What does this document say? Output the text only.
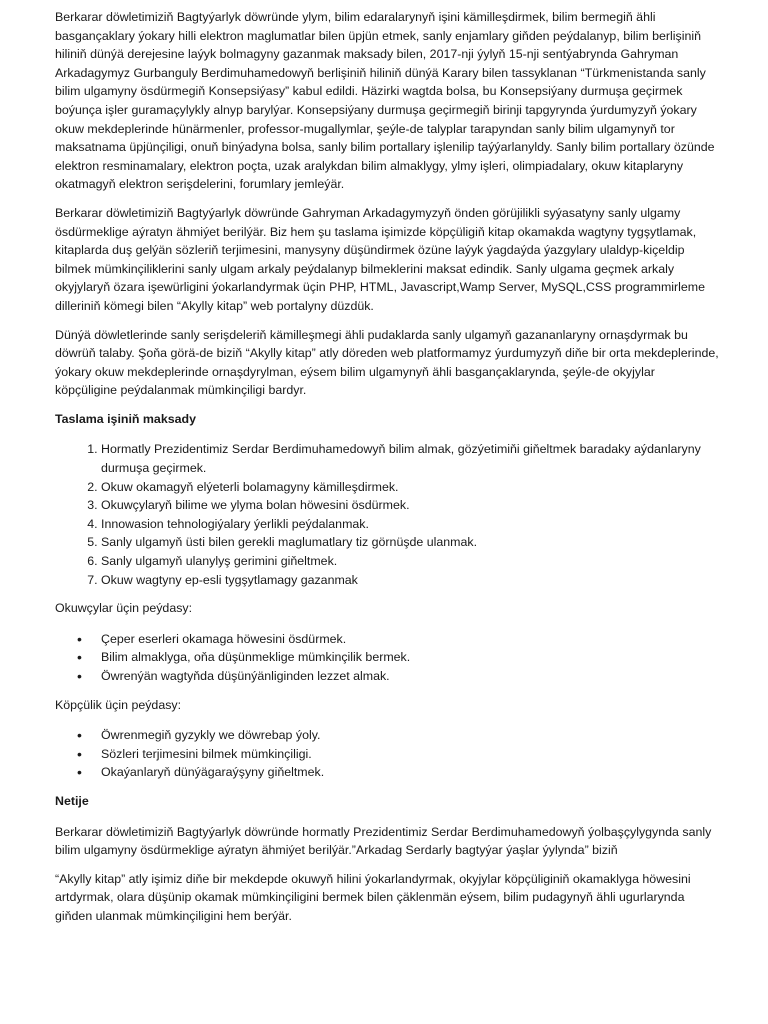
Berkarar döwletimiziň Bagtyýarlyk döwründe ylym, bilim edaralarynyň işini kämilleşdirmek, bilim bermegiň ähli basgançaklary ýokary hilli elektron maglumatlar bilen üpjün etmek, sanly enjamlary giňden peýdalanyp, bilim berlişiniň hiliniň dünýä derejesine laýyk bolmagyny gazanmak maksady bilen, 2017-nji ýylyň 15-nji sentýabrynda Gahryman Arkadagymyz Gurbanguly Berdimuhamedowyň berlişiniň hiliniň dünýä Karary bilen tassyklanan “Türkmenistanda sanly bilim ulgamyny ösdürmegiň Konsepsiýasy” kabul edildi. Häzirki wagtda bolsa, bu Konsepsiýany durmuşa geçirmek boýunça işler guramaçylykly alnyp barylýar. Konsepsiýany durmuşa geçirmegiň birinji tapgyrynda ýurdumyzyň ýokary okuw mekdeplerinde hünärmenler, professor-mugallymlar, şeýle-de talyplar tarapyndan sanly bilim ulgamynyň tor maksatnama üpjünçiligi, onuň binýadyna bolsa, sanly bilim portallary işlenilip taýýarlanyldy. Sanly bilim portallary özünde elektron resminamalary, elektron poçta, uzak aralykdan bilim almaklygy, ylmy işleri, olimpiadalary, okuw kitaplaryny okatmagyň elektron serişdelerini, forumlary jemleýär.

Berkarar döwletimiziň Bagtyýarlyk döwründe Gahryman Arkadagymyzyň önden görüjilikli syýasatyny sanly ulgamy ösdürmeklige aýratyn ähmiýet berilýär. Biz hem şu taslama işimizde köpçüligiň kitap okamakda wagtyny tygşytlamak, kitaplarda duş gelýän sözleriň terjimesini, manysyny düşündirmek özüne laýyk ýagdaýda ýazgylary ulaldyp-kiçeldip bilmek mümkinçiliklerini sanly ulgam arkaly peýdalanyp bilmeklerini maksat edindik. Sanly ulgama geçmek arkaly okyjylaryň özara işewürligini ýokarlandyrmak üçin PHP, HTML, Javascript,Wamp Server, MySQL,CSS programmirleme dilleriniň kömegi bilen “Akylly kitap” web portalyny düzdük.

Dünýä döwletlerinde sanly serişdeleriň kämilleşmegi ähli pudaklarda sanly ulgamyň gazananlaryny ornaşdyrmak bu döwrüň talaby. Şoňa görä-de biziň “Akylly kitap” atly döreden web platformamyz ýurdumyzyň diňe bir orta mekdeplerinde, ýokary okuw mekdeplerinde ornaşdyrylman, eýsem bilim ulgamynyň ähli basgançaklarynda, şeýle-de okyjylar köpçüligine peýdalanmak mümkinçiligi bardyr.

Taslama işiniň maksady

1. Hormatly Prezidentimiz Serdar Berdimuhamedowyň bilim almak, gözýetimiňi giňeltmek baradaky aýdanlaryny durmuşa geçirmek.
2. Okuw okamagyň elýeterli bolamagyny kämilleşdirmek.
3. Okuwçylaryň bilime we ylyma bolan höwesini ösdürmek.
4. Innowasion tehnologiýalary ýerlikli peýdalanmak.
5. Sanly ulgamyň üsti bilen gerekli maglumatlary tiz görnüşde ulanmak.
6. Sanly ulgamyň ulanylyş gerimini giňeltmek.
7. Okuw wagtyny ep-esli tygşytlamagy gazanmak

Okuwçylar üçin peýdasy:

• Çeper eserleri okamaga höwesini ösdürmek.
• Bilim almaklyga, oňa düşünmeklige mümkinçilik bermek.
• Öwrenýän wagtyňda düşünýänliginden lezzet almak.

Köpçülik üçin peýdasy:

• Öwrenmegiň gyzykly we döwrebap ýoly.
• Sözleri terjimesini bilmek mümkinçiligi.
• Okaýanlaryň dünýägaraýşyny giňeltmek.

Netije

Berkarar döwletimiziň Bagtyýarlyk döwründe hormatly Prezidentimiz Serdar Berdimuhamedowyň ýolbaşçylygynda sanly bilim ulgamyny ösdürmeklige aýratyn ähmiýet berilýär.”Arkadag Serdarly bagtyýar ýaşlar ýylynda” biziň

“Akylly kitap” atly işimiz diňe bir mekdepde okuwyň hilini ýokarlandyrmak, okyjylar köpçüliginiň okamaklyga höwesini artdyrmak, olara düşünip okamak mümkinçiligini bermek bilen çäklenmän eýsem, bilim pudagynyň ähli ugurlarynda giňden ulanmak mümkinçiligini hem berýär.
